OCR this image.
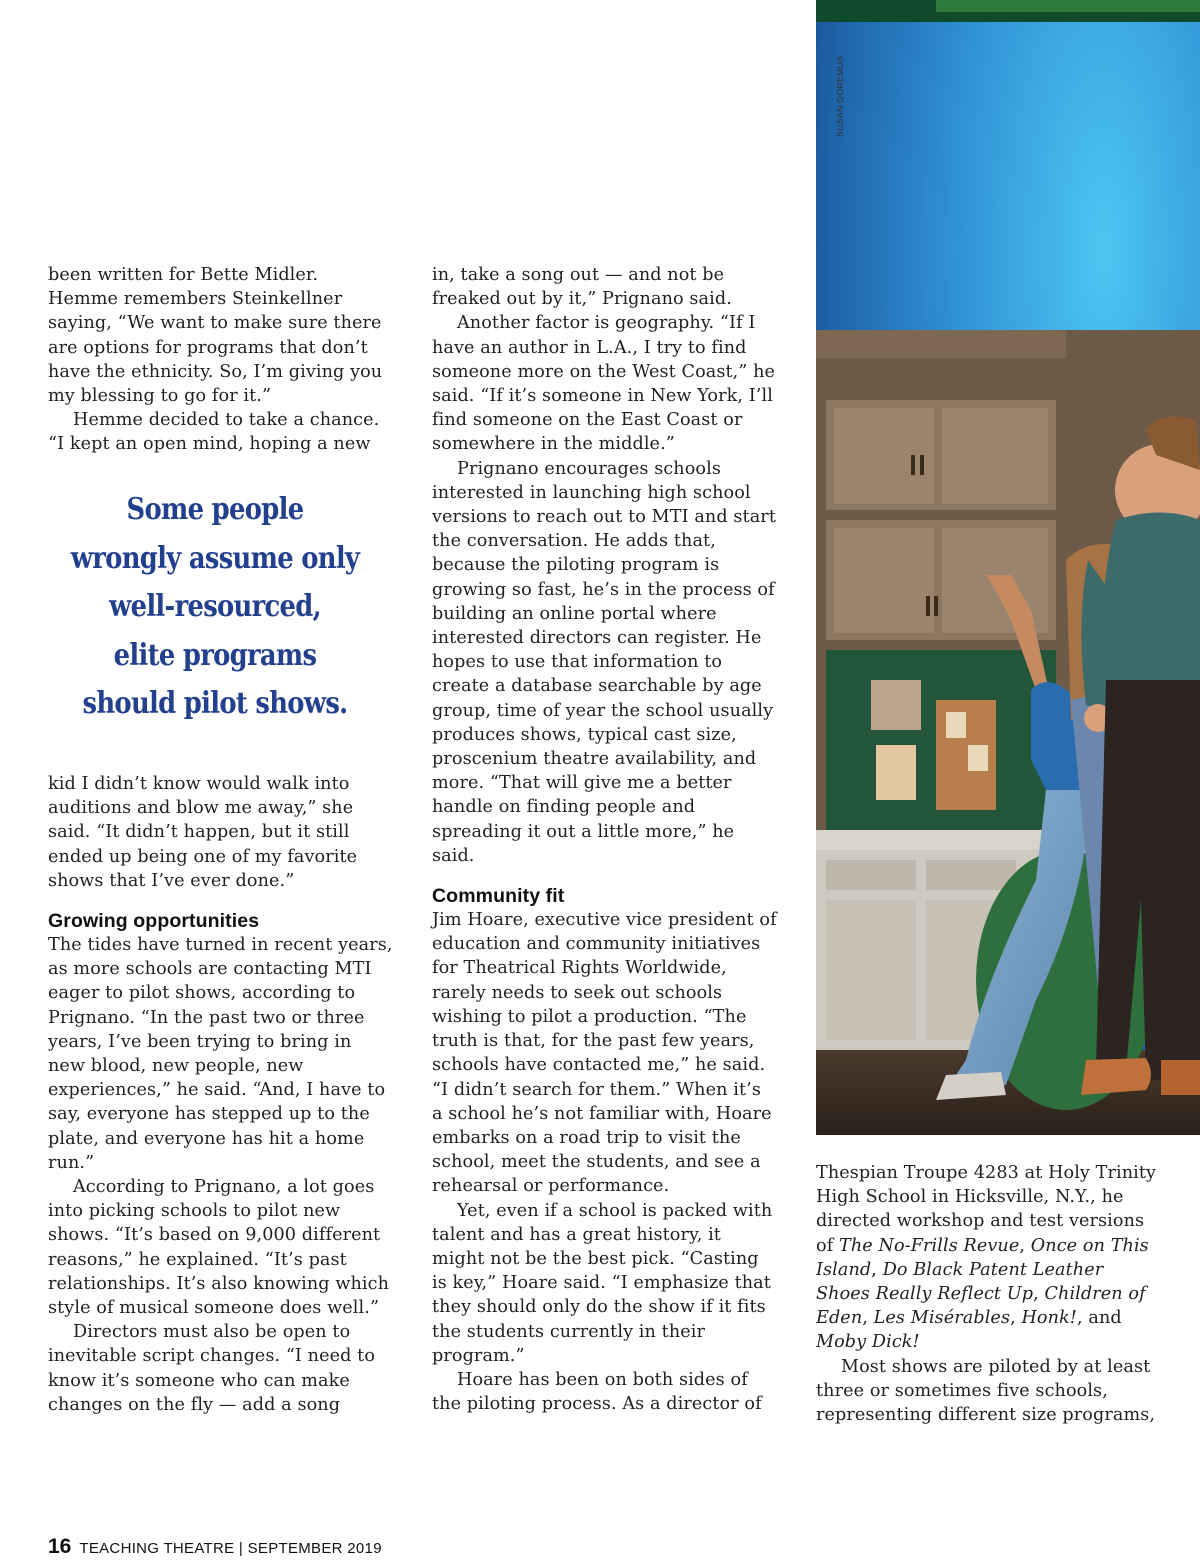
been written for Bette Midler. Hemme remembers Steinkellner saying, “We want to make sure there are options for programs that don’t have the ethnicity. So, I’m giving you my blessing to go for it.”

Hemme decided to take a chance. “I kept an open mind, hoping a new

Some people
wrongly assume only
well-resourced,
elite programs
should pilot shows.

kid I didn’t know would walk into auditions and blow me away,” she said. “It didn’t happen, but it still ended up being one of my favorite shows that I’ve ever done.”

Growing opportunities

The tides have turned in recent years, as more schools are contacting MTI eager to pilot shows, according to Prignano. “In the past two or three years, I’ve been trying to bring in new blood, new people, new experiences,” he said. “And, I have to say, everyone has stepped up to the plate, and everyone has hit a home run.”

According to Prignano, a lot goes into picking schools to pilot new shows. “It’s based on 9,000 different reasons,” he explained. “It’s past relationships. It’s also knowing which style of musical someone does well.”

Directors must also be open to inevitable script changes. “I need to know it’s someone who can make changes on the fly — add a song

in, take a song out — and not be freaked out by it,” Prignano said.

Another factor is geography. “If I have an author in L.A., I try to find someone more on the West Coast,” he said. “If it’s someone in New York, I’ll find someone on the East Coast or somewhere in the middle.”

Prignano encourages schools interested in launching high school versions to reach out to MTI and start the conversation. He adds that, because the piloting program is growing so fast, he’s in the process of building an online portal where interested directors can register. He hopes to use that information to create a database searchable by age group, time of year the school usually produces shows, typical cast size, proscenium theatre availability, and more. “That will give me a better handle on finding people and spreading it out a little more,” he said.

Community fit

Jim Hoare, executive vice president of education and community initiatives for Theatrical Rights Worldwide, rarely needs to seek out schools wishing to pilot a production. “The truth is that, for the past few years, schools have contacted me,” he said. “I didn’t search for them.” When it’s a school he’s not familiar with, Hoare embarks on a road trip to visit the school, meet the students, and see a rehearsal or performance.

Yet, even if a school is packed with talent and has a great history, it might not be the best pick. “Casting is key,” Hoare said. “I emphasize that they should only do the show if it fits the students currently in their program.”

Hoare has been on both sides of the piloting process. As a director of

SUSAN DOREMUS

Thespian Troupe 4283 at Holy Trinity High School in Hicksville, N.Y., he directed workshop and test versions of The No-Frills Revue, Once on This Island, Do Black Patent Leather Shoes Really Reflect Up, Children of Eden, Les Misérables, Honk!, and Moby Dick!

Most shows are piloted by at least three or sometimes five schools, representing different size programs,

16 TEACHING THEATRE | SEPTEMBER 2019
